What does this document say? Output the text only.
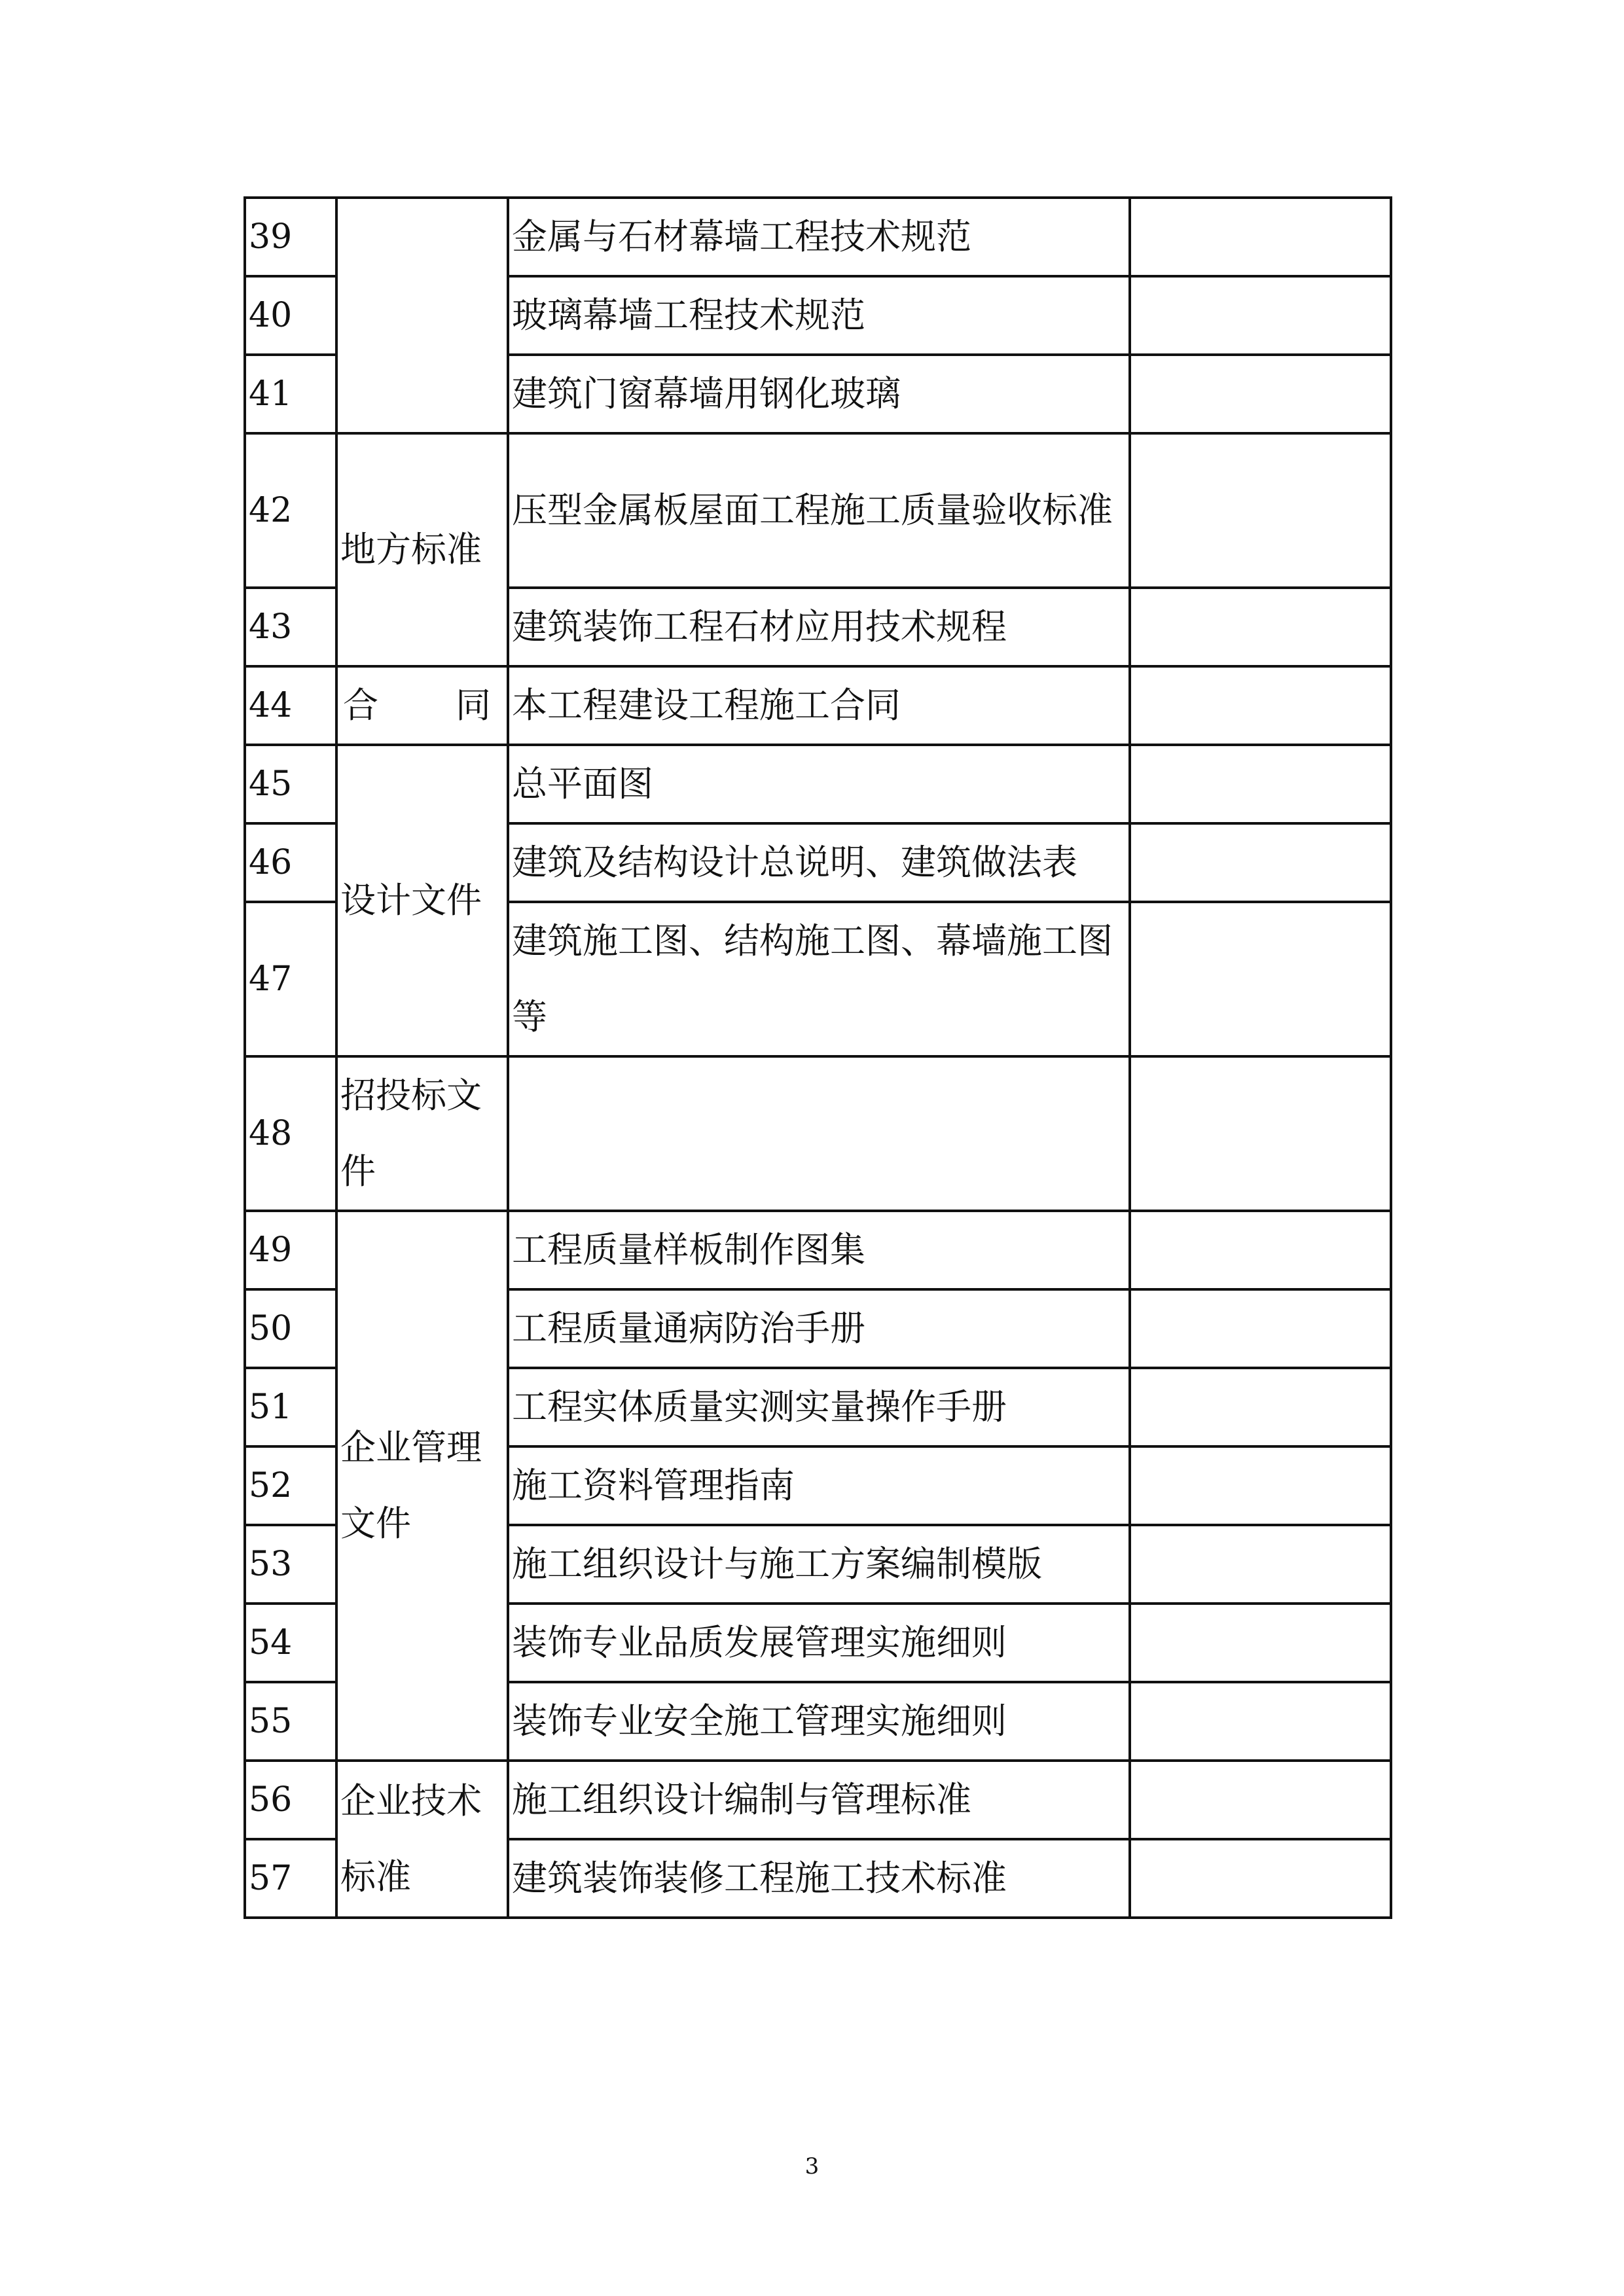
39		金属与石材幕墙工程技术规范	
40		玻璃幕墙工程技术规范	
41		建筑门窗幕墙用钢化玻璃	
42	地方标准	压型金属板屋面工程施工质量验收标准	
43		建筑装饰工程石材应用技术规程	
44	合 同	本工程建设工程施工合同	
45	设计文件	总平面图	
46		建筑及结构设计总说明、建筑做法表	
47		建筑施工图、结构施工图、幕墙施工图等	
48	招投标文件		
49	企业管理文件	工程质量样板制作图集	
50		工程质量通病防治手册	
51		工程实体质量实测实量操作手册	
52		施工资料管理指南	
53		施工组织设计与施工方案编制模版	
54		装饰专业品质发展管理实施细则	
55		装饰专业安全施工管理实施细则	
56	企业技术标准	施工组织设计编制与管理标准	
57		建筑装饰装修工程施工技术标准	
3
